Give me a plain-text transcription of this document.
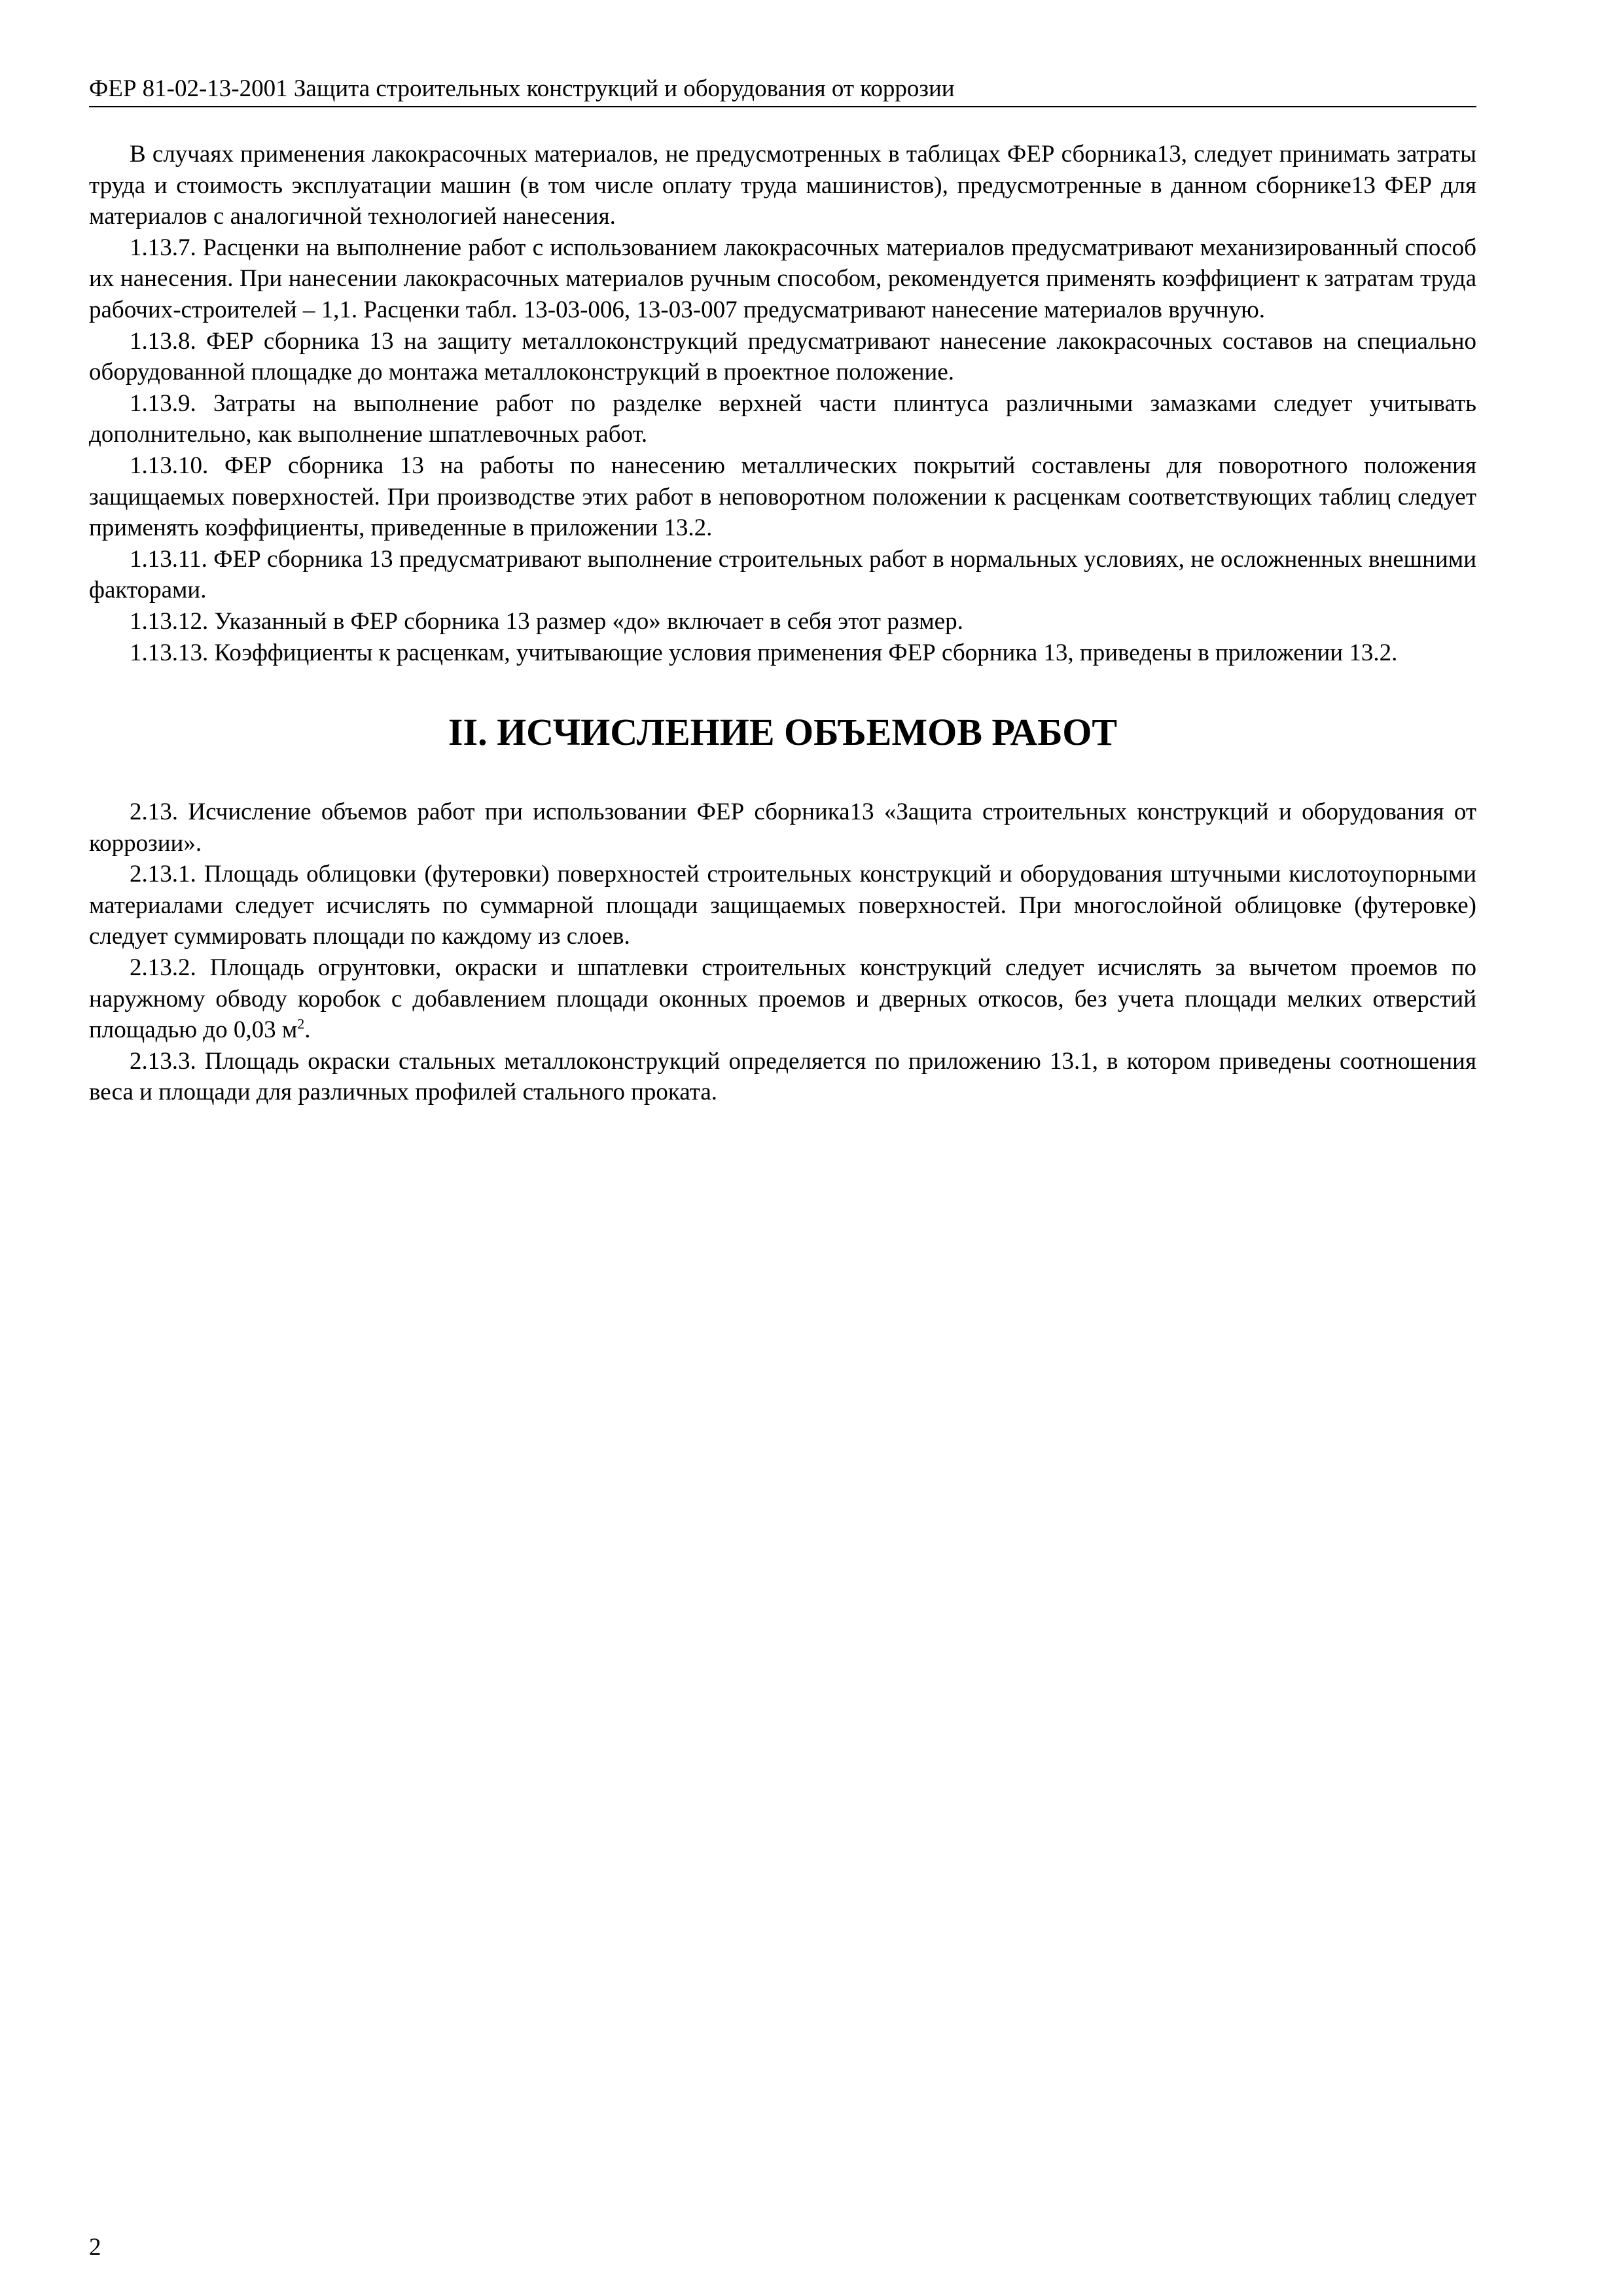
ФЕР 81-02-13-2001 Защита строительных конструкций и оборудования от коррозии

В случаях применения лакокрасочных материалов, не предусмотренных в таблицах ФЕР сборника13, следует принимать затраты труда и стоимость эксплуатации машин (в том числе оплату труда машинистов), предусмотренные в данном сборнике13 ФЕР для материалов с аналогичной технологией нанесения.

1.13.7. Расценки на выполнение работ с использованием лакокрасочных материалов предусматривают механизированный способ их нанесения. При нанесении лакокрасочных материалов ручным способом, рекомендуется применять коэффициент к затратам труда рабочих-строителей – 1,1. Расценки табл. 13-03-006, 13-03-007 предусматривают нанесение материалов вручную.

1.13.8. ФЕР сборника 13 на защиту металлоконструкций предусматривают нанесение лакокрасочных составов на специально оборудованной площадке до монтажа металлоконструкций в проектное положение.

1.13.9. Затраты на выполнение работ по разделке верхней части плинтуса различными замазками следует учитывать дополнительно, как выполнение шпатлевочных работ.

1.13.10. ФЕР сборника 13 на работы по нанесению металлических покрытий составлены для поворотного положения защищаемых поверхностей. При производстве этих работ в неповоротном положении к расценкам соответствующих таблиц следует применять коэффициенты, приведенные в приложении 13.2.

1.13.11. ФЕР сборника 13 предусматривают выполнение строительных работ в нормальных условиях, не осложненных внешними факторами.

1.13.12. Указанный в ФЕР сборника 13 размер «до» включает в себя этот размер.

1.13.13. Коэффициенты к расценкам, учитывающие условия применения ФЕР сборника 13, приведены в приложении 13.2.

II. ИСЧИСЛЕНИЕ ОБЪЕМОВ РАБОТ

2.13. Исчисление объемов работ при использовании ФЕР сборника13 «Защита строительных конструкций и оборудования от коррозии».

2.13.1. Площадь облицовки (футеровки) поверхностей строительных конструкций и оборудования штучными кислотоупорными материалами следует исчислять по суммарной площади защищаемых поверхностей. При многослойной облицовке (футеровке) следует суммировать площади по каждому из слоев.

2.13.2. Площадь огрунтовки, окраски и шпатлевки строительных конструкций следует исчислять за вычетом проемов по наружному обводу коробок с добавлением площади оконных проемов и дверных откосов, без учета площади мелких отверстий площадью до 0,03 $м^2$.

2.13.3. Площадь окраски стальных металлоконструкций определяется по приложению 13.1, в котором приведены соотношения веса и площади для различных профилей стального проката.

2
